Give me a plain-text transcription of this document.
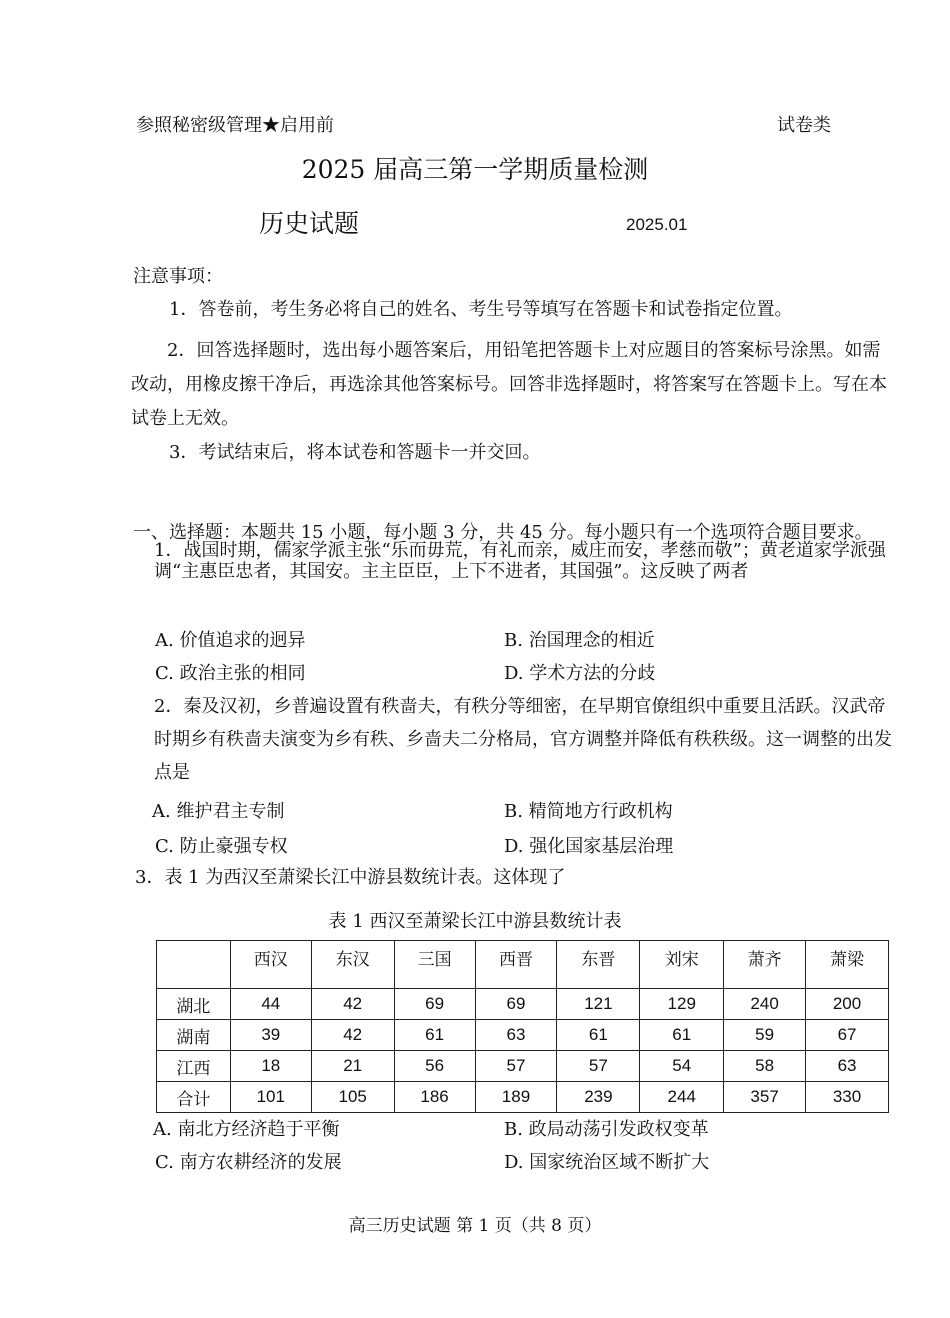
参照秘密级管理★启用前	试卷类
2025 届高三第一学期质量检测
历史试题	2025.01
注意事项：
1．答卷前，考生务必将自己的姓名、考生号等填写在答题卡和试卷指定位置。
2．回答选择题时，选出每小题答案后，用铅笔把答题卡上对应题目的答案标号涂黑。如需改动，用橡皮擦干净后，再选涂其他答案标号。回答非选择题时，将答案写在答题卡上。写在本试卷上无效。
3．考试结束后，将本试卷和答题卡一并交回。
一、选择题：本题共 15 小题，每小题 3 分，共 45 分。每小题只有一个选项符合题目要求。
1．战国时期，儒家学派主张“乐而毋荒，有礼而亲，威庄而安，孝慈而敬”；黄老道家学派强调“主惠臣忠者，其国安。主主臣臣，上下不进者，其国强”。这反映了两者
A. 价值追求的迥异	B. 治国理念的相近
C. 政治主张的相同	D. 学术方法的分歧
2．秦及汉初，乡普遍设置有秩啬夫，有秩分等细密，在早期官僚组织中重要且活跃。汉武帝时期乡有秩啬夫演变为乡有秩、乡啬夫二分格局，官方调整并降低有秩秩级。这一调整的出发点是
A. 维护君主专制	B. 精简地方行政机构
C. 防止豪强专权	D. 强化国家基层治理
3．表 1 为西汉至萧梁长江中游县数统计表。这体现了
表 1 西汉至萧梁长江中游县数统计表
	西汉	东汉	三国	西晋	东晋	刘宋	萧齐	萧梁
湖北	44	42	69	69	121	129	240	200
湖南	39	42	61	63	61	61	59	67
江西	18	21	56	57	57	54	58	63
合计	101	105	186	189	239	244	357	330
A. 南北方经济趋于平衡	B. 政局动荡引发政权变革
C. 南方农耕经济的发展	D. 国家统治区域不断扩大
高三历史试题 第 1 页（共 8 页）
